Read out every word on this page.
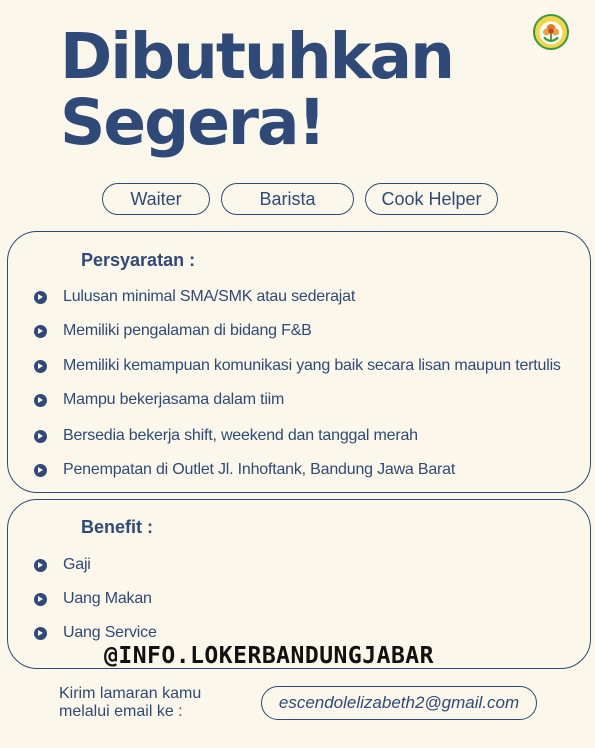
Dibutuhkan
Segera!
Waiter	Barista	Cook Helper
Persyaratan :
Lulusan minimal SMA/SMK atau sederajat
Memiliki pengalaman di bidang F&B
Memiliki kemampuan komunikasi yang baik secara lisan maupun tertulis
Mampu bekerjasama dalam tiim
Bersedia bekerja shift, weekend dan tanggal merah
Penempatan di Outlet Jl. Inhoftank, Bandung Jawa Barat
Benefit :
Gaji
Uang Makan
Uang Service
@INFO.LOKERBANDUNGJABAR
Kirim lamaran kamu
melalui email ke :	escendolelizabeth2@gmail.com
